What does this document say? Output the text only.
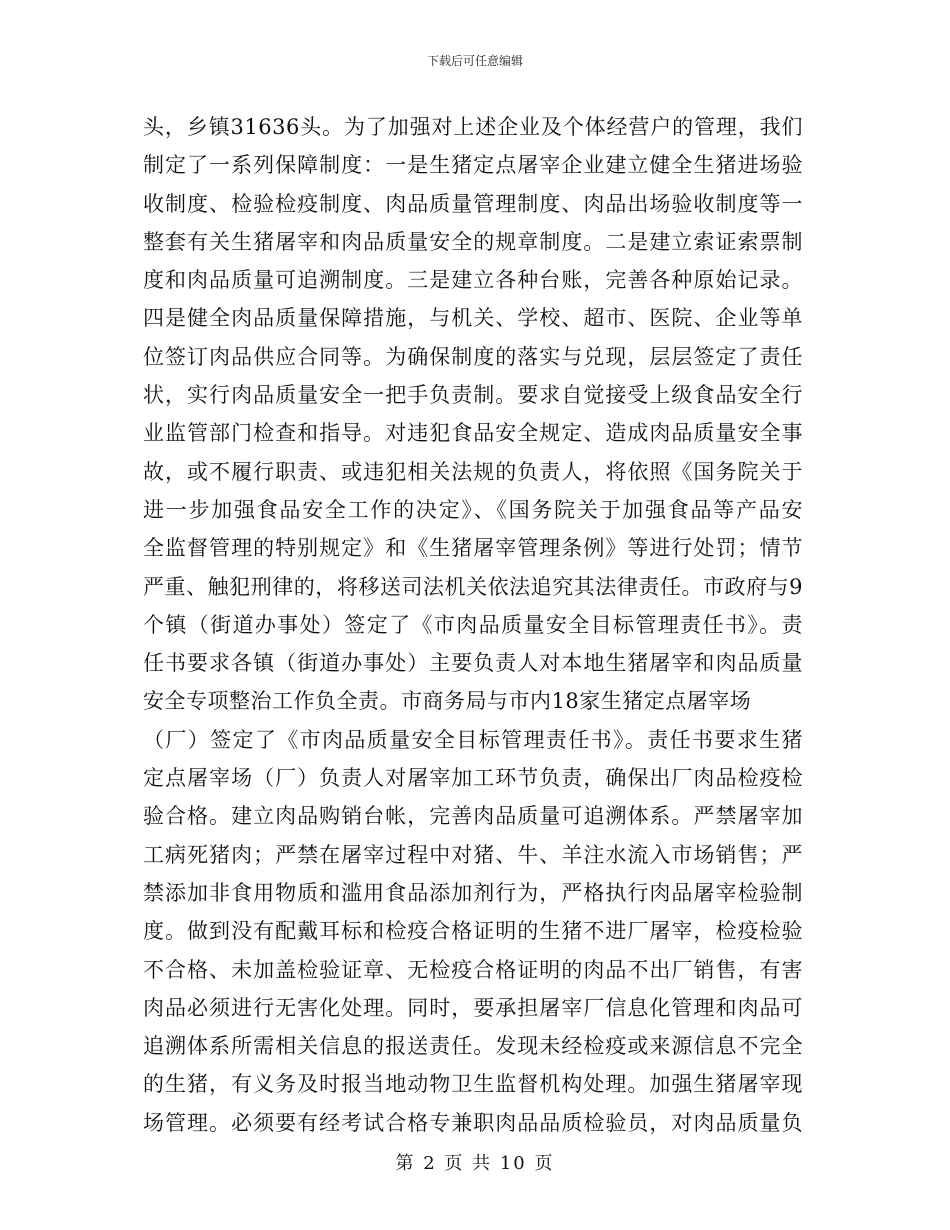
下载后可任意编辑
头，乡镇31636头。为了加强对上述企业及个体经营户的管理，我们
制定了一系列保障制度：一是生猪定点屠宰企业建立健全生猪进场验
收制度、检验检疫制度、肉品质量管理制度、肉品出场验收制度等一
整套有关生猪屠宰和肉品质量安全的规章制度。二是建立索证索票制
度和肉品质量可追溯制度。三是建立各种台账，完善各种原始记录。
四是健全肉品质量保障措施，与机关、学校、超市、医院、企业等单
位签订肉品供应合同等。为确保制度的落实与兑现，层层签定了责任
状，实行肉品质量安全一把手负责制。要求自觉接受上级食品安全行
业监管部门检查和指导。对违犯食品安全规定、造成肉品质量安全事
故，或不履行职责、或违犯相关法规的负责人，将依照《国务院关于
进一步加强食品安全工作的决定》、《国务院关于加强食品等产品安
全监督管理的特别规定》和《生猪屠宰管理条例》等进行处罚；情节
严重、触犯刑律的，将移送司法机关依法追究其法律责任。市政府与9
个镇（街道办事处）签定了《市肉品质量安全目标管理责任书》。责
任书要求各镇（街道办事处）主要负责人对本地生猪屠宰和肉品质量
安全专项整治工作负全责。市商务局与市内18家生猪定点屠宰场
（厂）签定了《市肉品质量安全目标管理责任书》。责任书要求生猪
定点屠宰场（厂）负责人对屠宰加工环节负责，确保出厂肉品检疫检
验合格。建立肉品购销台帐，完善肉品质量可追溯体系。严禁屠宰加
工病死猪肉；严禁在屠宰过程中对猪、牛、羊注水流入市场销售；严
禁添加非食用物质和滥用食品添加剂行为，严格执行肉品屠宰检验制
度。做到没有配戴耳标和检疫合格证明的生猪不进厂屠宰，检疫检验
不合格、未加盖检验证章、无检疫合格证明的肉品不出厂销售，有害
肉品必须进行无害化处理。同时，要承担屠宰厂信息化管理和肉品可
追溯体系所需相关信息的报送责任。发现未经检疫或来源信息不完全
的生猪，有义务及时报当地动物卫生监督机构处理。加强生猪屠宰现
场管理。必须要有经考试合格专兼职肉品品质检验员，对肉品质量负
第 2 页 共 10 页
